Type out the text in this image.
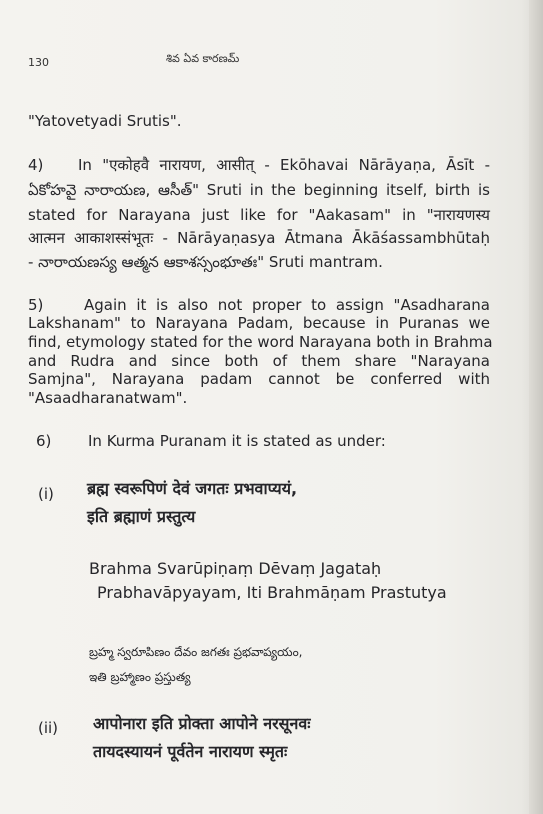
130	శివ ఏవ కారణమ్
"Yatovetyadi Srutis".
4) In "एकोहवै नारायण, आसीत् - Ekōhavai Nārāyaṇa, Āsīt -
ఏకోహవై నారాయణ, ఆసీత్" Sruti in the beginning itself, birth is
stated for Narayana just like for "Aakasam" in "नारायणस्य
आत्मन आकाशस्संभूतः - Nārāyaṇasya Ātmana Ākāśassambhūtaḥ
- నారాయణస్య ఆత్మన ఆకాశస్సంభూతః" Sruti mantram.
5)	Again it is also not proper to assign "Asadharana
Lakshanam" to Narayana Padam, because in Puranas we
find, etymology stated for the word Narayana both in Brahma
and Rudra and since both of them share "Narayana
Samjna", Narayana padam cannot be conferred with
"Asaadharanatwam".
6) In Kurma Puranam it is stated as under:
(i) ब्रह्म स्वरूपिणं देवं जगतः प्रभवाप्ययं,
इति ब्रह्माणं प्रस्तुत्य
Brahma Svarūpiṇaṃ Dēvaṃ Jagataḥ
Prabhavāpyayam, Iti Brahmāṇam Prastutya
బ్రహ్మ స్వరూపిణం దేవం జగతః ప్రభవాప్యయం,
ఇతి బ్రహ్మాణం ప్రస్తుత్య
(ii) आपोनारा इति प्रोक्ता आपोने नरसूनवः
तायदस्यायनं पूर्वतेन नारायण स्मृतः
